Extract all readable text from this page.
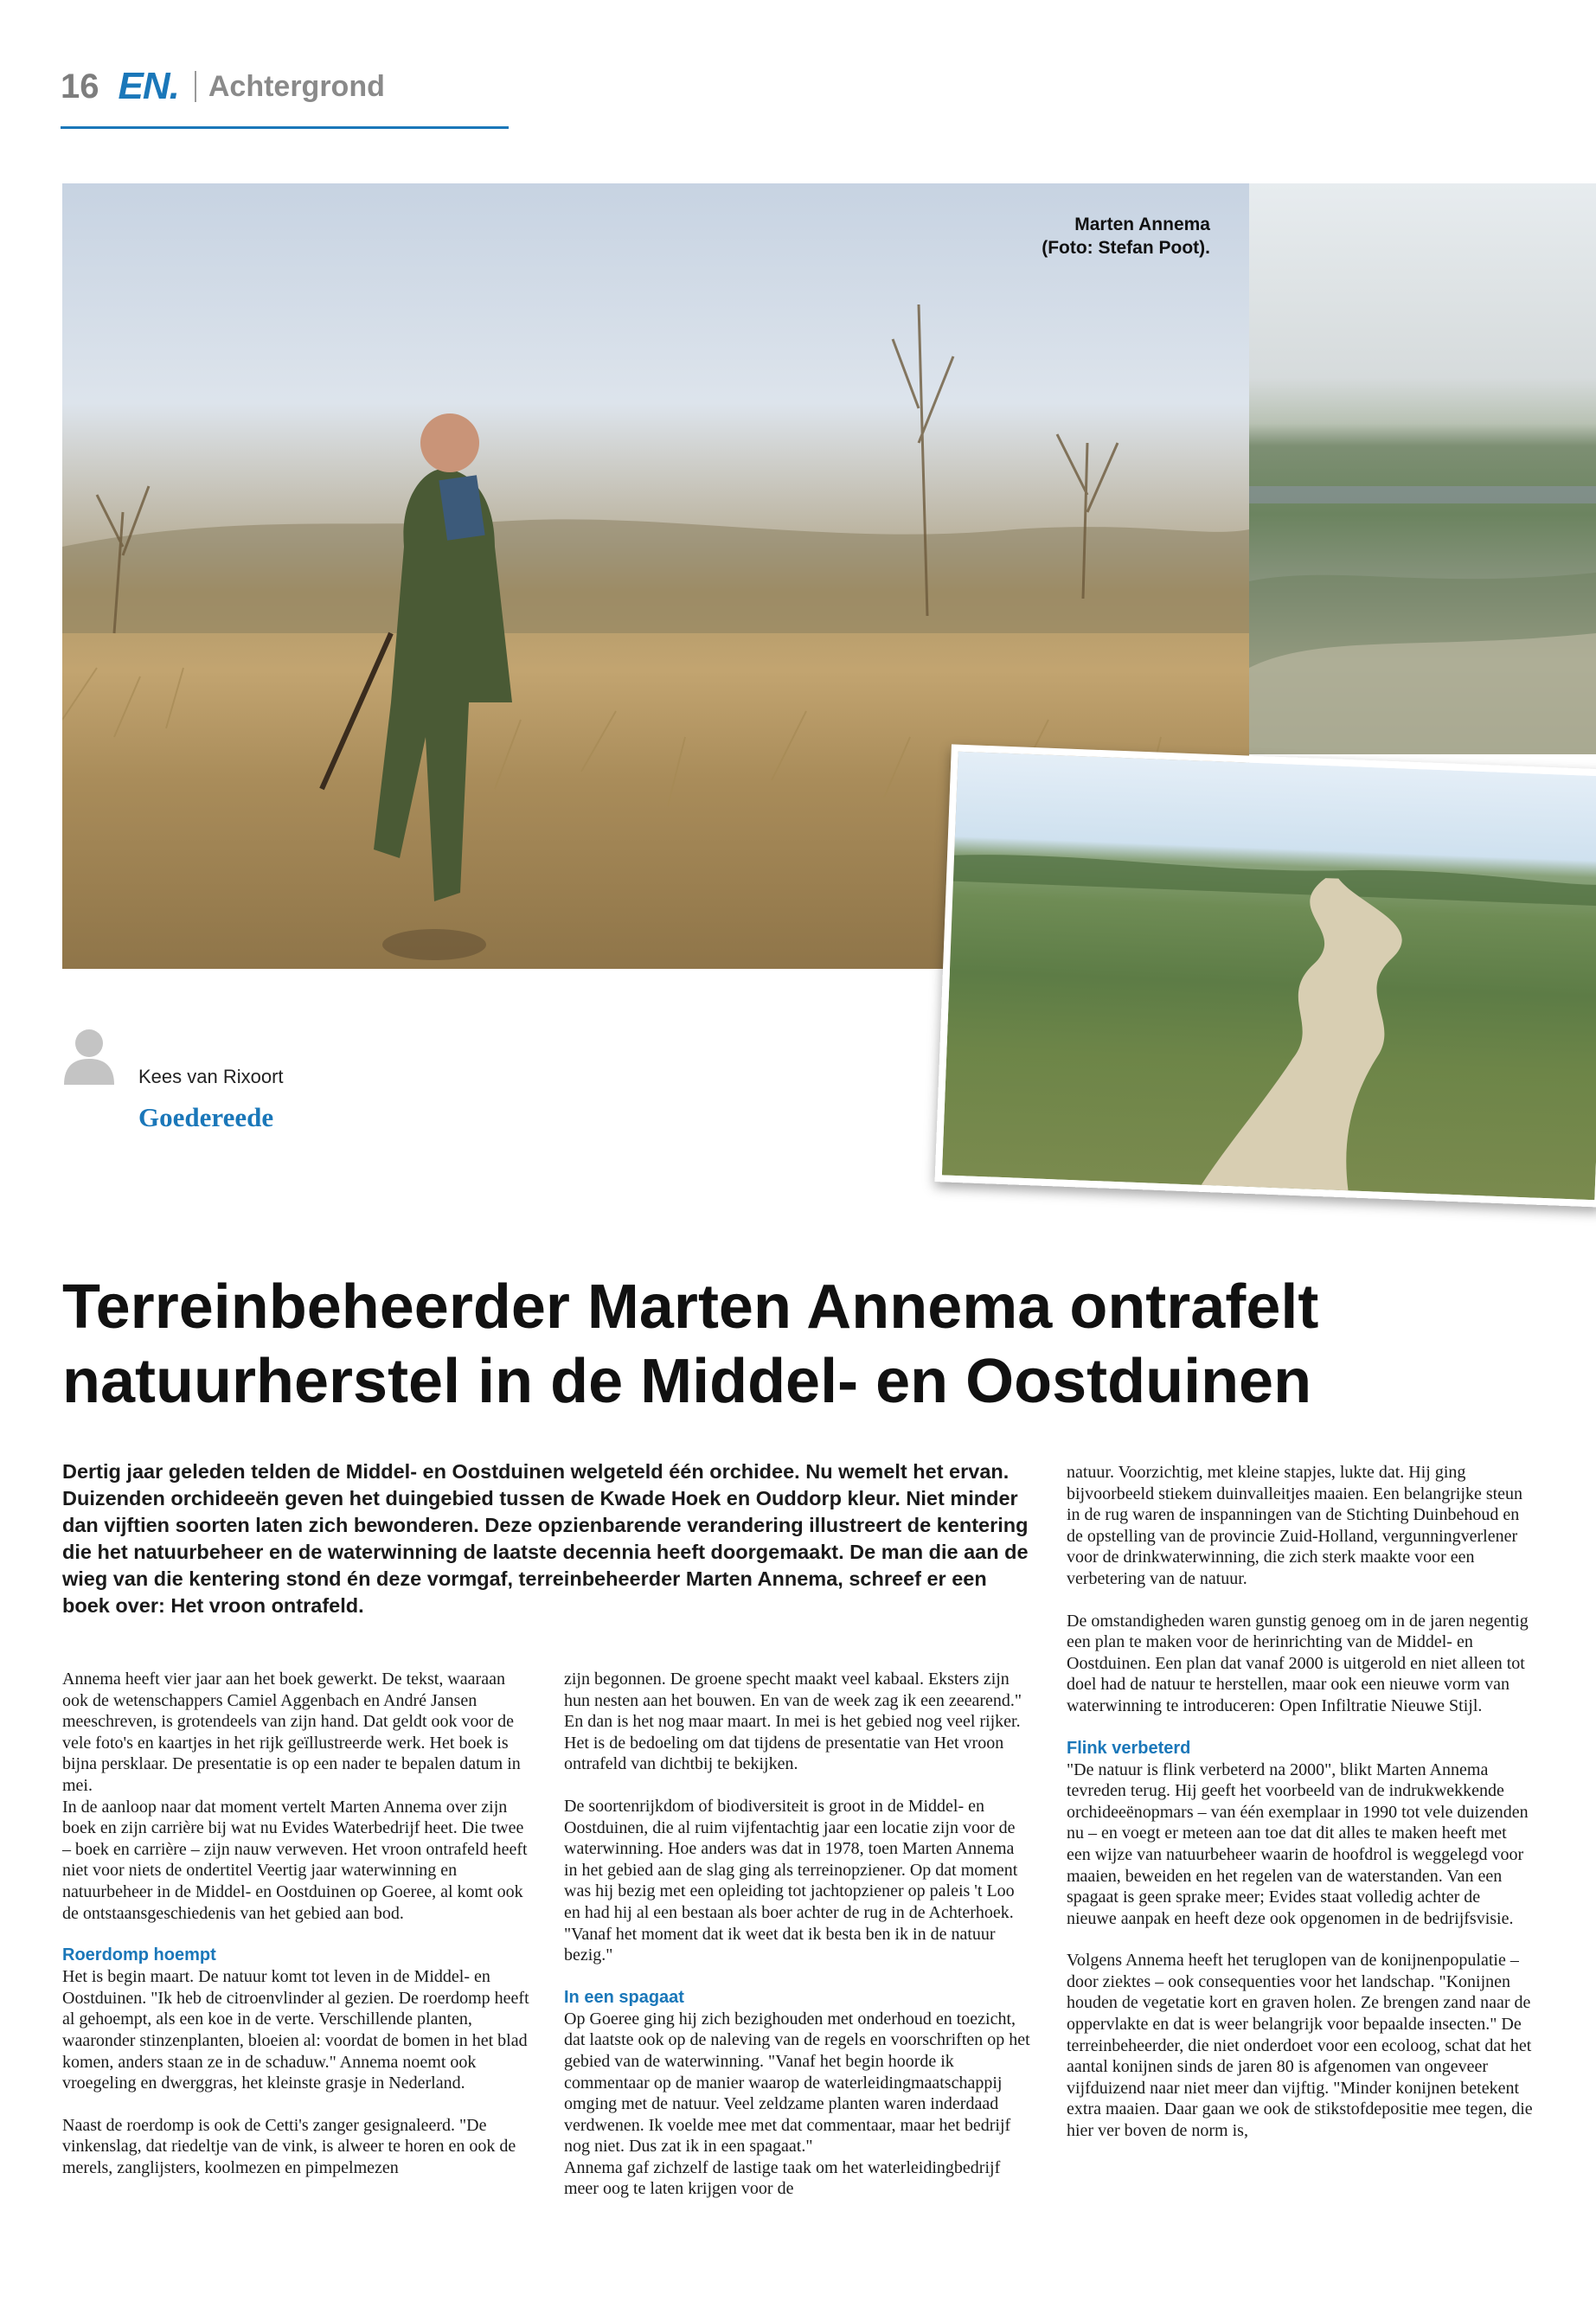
16 EN. Achtergrond
Marten Annema
(Foto: Stefan Poot).
Kees van Rixoort
Goedereede
Terreinbeheerder Marten Annema ontrafelt natuurherstel in de Middel- en Oostduinen
Dertig jaar geleden telden de Middel- en Oostduinen welgeteld één orchidee. Nu wemelt het ervan. Duizenden orchideeën geven het duingebied tussen de Kwade Hoek en Ouddorp kleur. Niet minder dan vijftien soorten laten zich bewonderen. Deze opzienbarende verandering illustreert de kentering die het natuurbeheer en de waterwinning de laatste decennia heeft doorgemaakt. De man die aan de wieg van die kentering stond én deze vormgaf, terreinbeheerder Marten Annema, schreef er een boek over: Het vroon ontrafeld.

Annema heeft vier jaar aan het boek gewerkt. De tekst, waaraan ook de wetenschappers Camiel Aggenbach en André Jansen meeschreven, is grotendeels van zijn hand. Dat geldt ook voor de vele foto's en kaartjes in het rijk geïllustreerde werk. Het boek is bijna persklaar. De presentatie is op een nader te bepalen datum in mei.

In de aanloop naar dat moment vertelt Marten Annema over zijn boek en zijn carrière bij wat nu Evides Waterbedrijf heet. Die twee – boek en carrière – zijn nauw verweven. Het vroon ontrafeld heeft niet voor niets de ondertitel Veertig jaar waterwinning en natuurbeheer in de Middel- en Oostduinen op Goeree, al komt ook de ontstaansgeschiedenis van het gebied aan bod.

Roerdomp hoempt

Het is begin maart. De natuur komt tot leven in de Middel- en Oostduinen. "Ik heb de citroenvlinder al gezien. De roerdomp heeft al gehoempt, als een koe in de verte. Verschillende planten, waaronder stinzenplanten, bloeien al: voordat de bomen in het blad komen, anders staan ze in de schaduw." Annema noemt ook vroegeling en dwerggras, het kleinste grasje in Nederland.

Naast de roerdomp is ook de Cetti's zanger gesignaleerd. "De vinkenslag, dat riedeltje van de vink, is alweer te horen en ook de merels, zanglijsters, koolmezen en pimpelmezen

zijn begonnen. De groene specht maakt veel kabaal. Eksters zijn hun nesten aan het bouwen. En van de week zag ik een zeearend." En dan is het nog maar maart. In mei is het gebied nog veel rijker. Het is de bedoeling om dat tijdens de presentatie van Het vroon ontrafeld van dichtbij te bekijken.

De soortenrijkdom of biodiversiteit is groot in de Middel- en Oostduinen, die al ruim vijfentachtig jaar een locatie zijn voor de waterwinning. Hoe anders was dat in 1978, toen Marten Annema in het gebied aan de slag ging als terreinopziener. Op dat moment was hij bezig met een opleiding tot jachtopziener op paleis 't Loo en had hij al een bestaan als boer achter de rug in de Achterhoek. "Vanaf het moment dat ik weet dat ik besta ben ik in de natuur bezig."

In een spagaat

Op Goeree ging hij zich bezighouden met onderhoud en toezicht, dat laatste ook op de naleving van de regels en voorschriften op het gebied van de waterwinning. "Vanaf het begin hoorde ik commentaar op de manier waarop de waterleidingmaatschappij omging met de natuur. Veel zeldzame planten waren inderdaad verdwenen. Ik voelde mee met dat commentaar, maar het bedrijf nog niet. Dus zat ik in een spagaat."

Annema gaf zichzelf de lastige taak om het waterleidingbedrijf meer oog te laten krijgen voor de

natuur. Voorzichtig, met kleine stapjes, lukte dat. Hij ging bijvoorbeeld stiekem duinvalleitjes maaien. Een belangrijke steun in de rug waren de inspanningen van de Stichting Duinbehoud en de opstelling van de provincie Zuid-Holland, vergunningverlener voor de drinkwaterwinning, die zich sterk maakte voor een verbetering van de natuur.

De omstandigheden waren gunstig genoeg om in de jaren negentig een plan te maken voor de herinrichting van de Middel- en Oostduinen. Een plan dat vanaf 2000 is uitgerold en niet alleen tot doel had de natuur te herstellen, maar ook een nieuwe vorm van waterwinning te introduceren: Open Infiltratie Nieuwe Stijl.

Flink verbeterd

"De natuur is flink verbeterd na 2000", blikt Marten Annema tevreden terug. Hij geeft het voorbeeld van de indrukwekkende orchideeënopmars – van één exemplaar in 1990 tot vele duizenden nu – en voegt er meteen aan toe dat dit alles te maken heeft met een wijze van natuurbeheer waarin de hoofdrol is weggelegd voor maaien, beweiden en het regelen van de waterstanden. Van een spagaat is geen sprake meer; Evides staat volledig achter de nieuwe aanpak en heeft deze ook opgenomen in de bedrijfsvisie.

Volgens Annema heeft het teruglopen van de konijnenpopulatie – door ziektes – ook consequenties voor het landschap. "Konijnen houden de vegetatie kort en graven holen. Ze brengen zand naar de oppervlakte en dat is weer belangrijk voor bepaalde insecten." De terreinbeheerder, die niet onderdoet voor een ecoloog, schat dat het aantal konijnen sinds de jaren 80 is afgenomen van ongeveer vijfduizend naar niet meer dan vijftig. "Minder konijnen betekent extra maaien. Daar gaan we ook de stikstofdepositie mee tegen, die hier ver boven de norm is,
